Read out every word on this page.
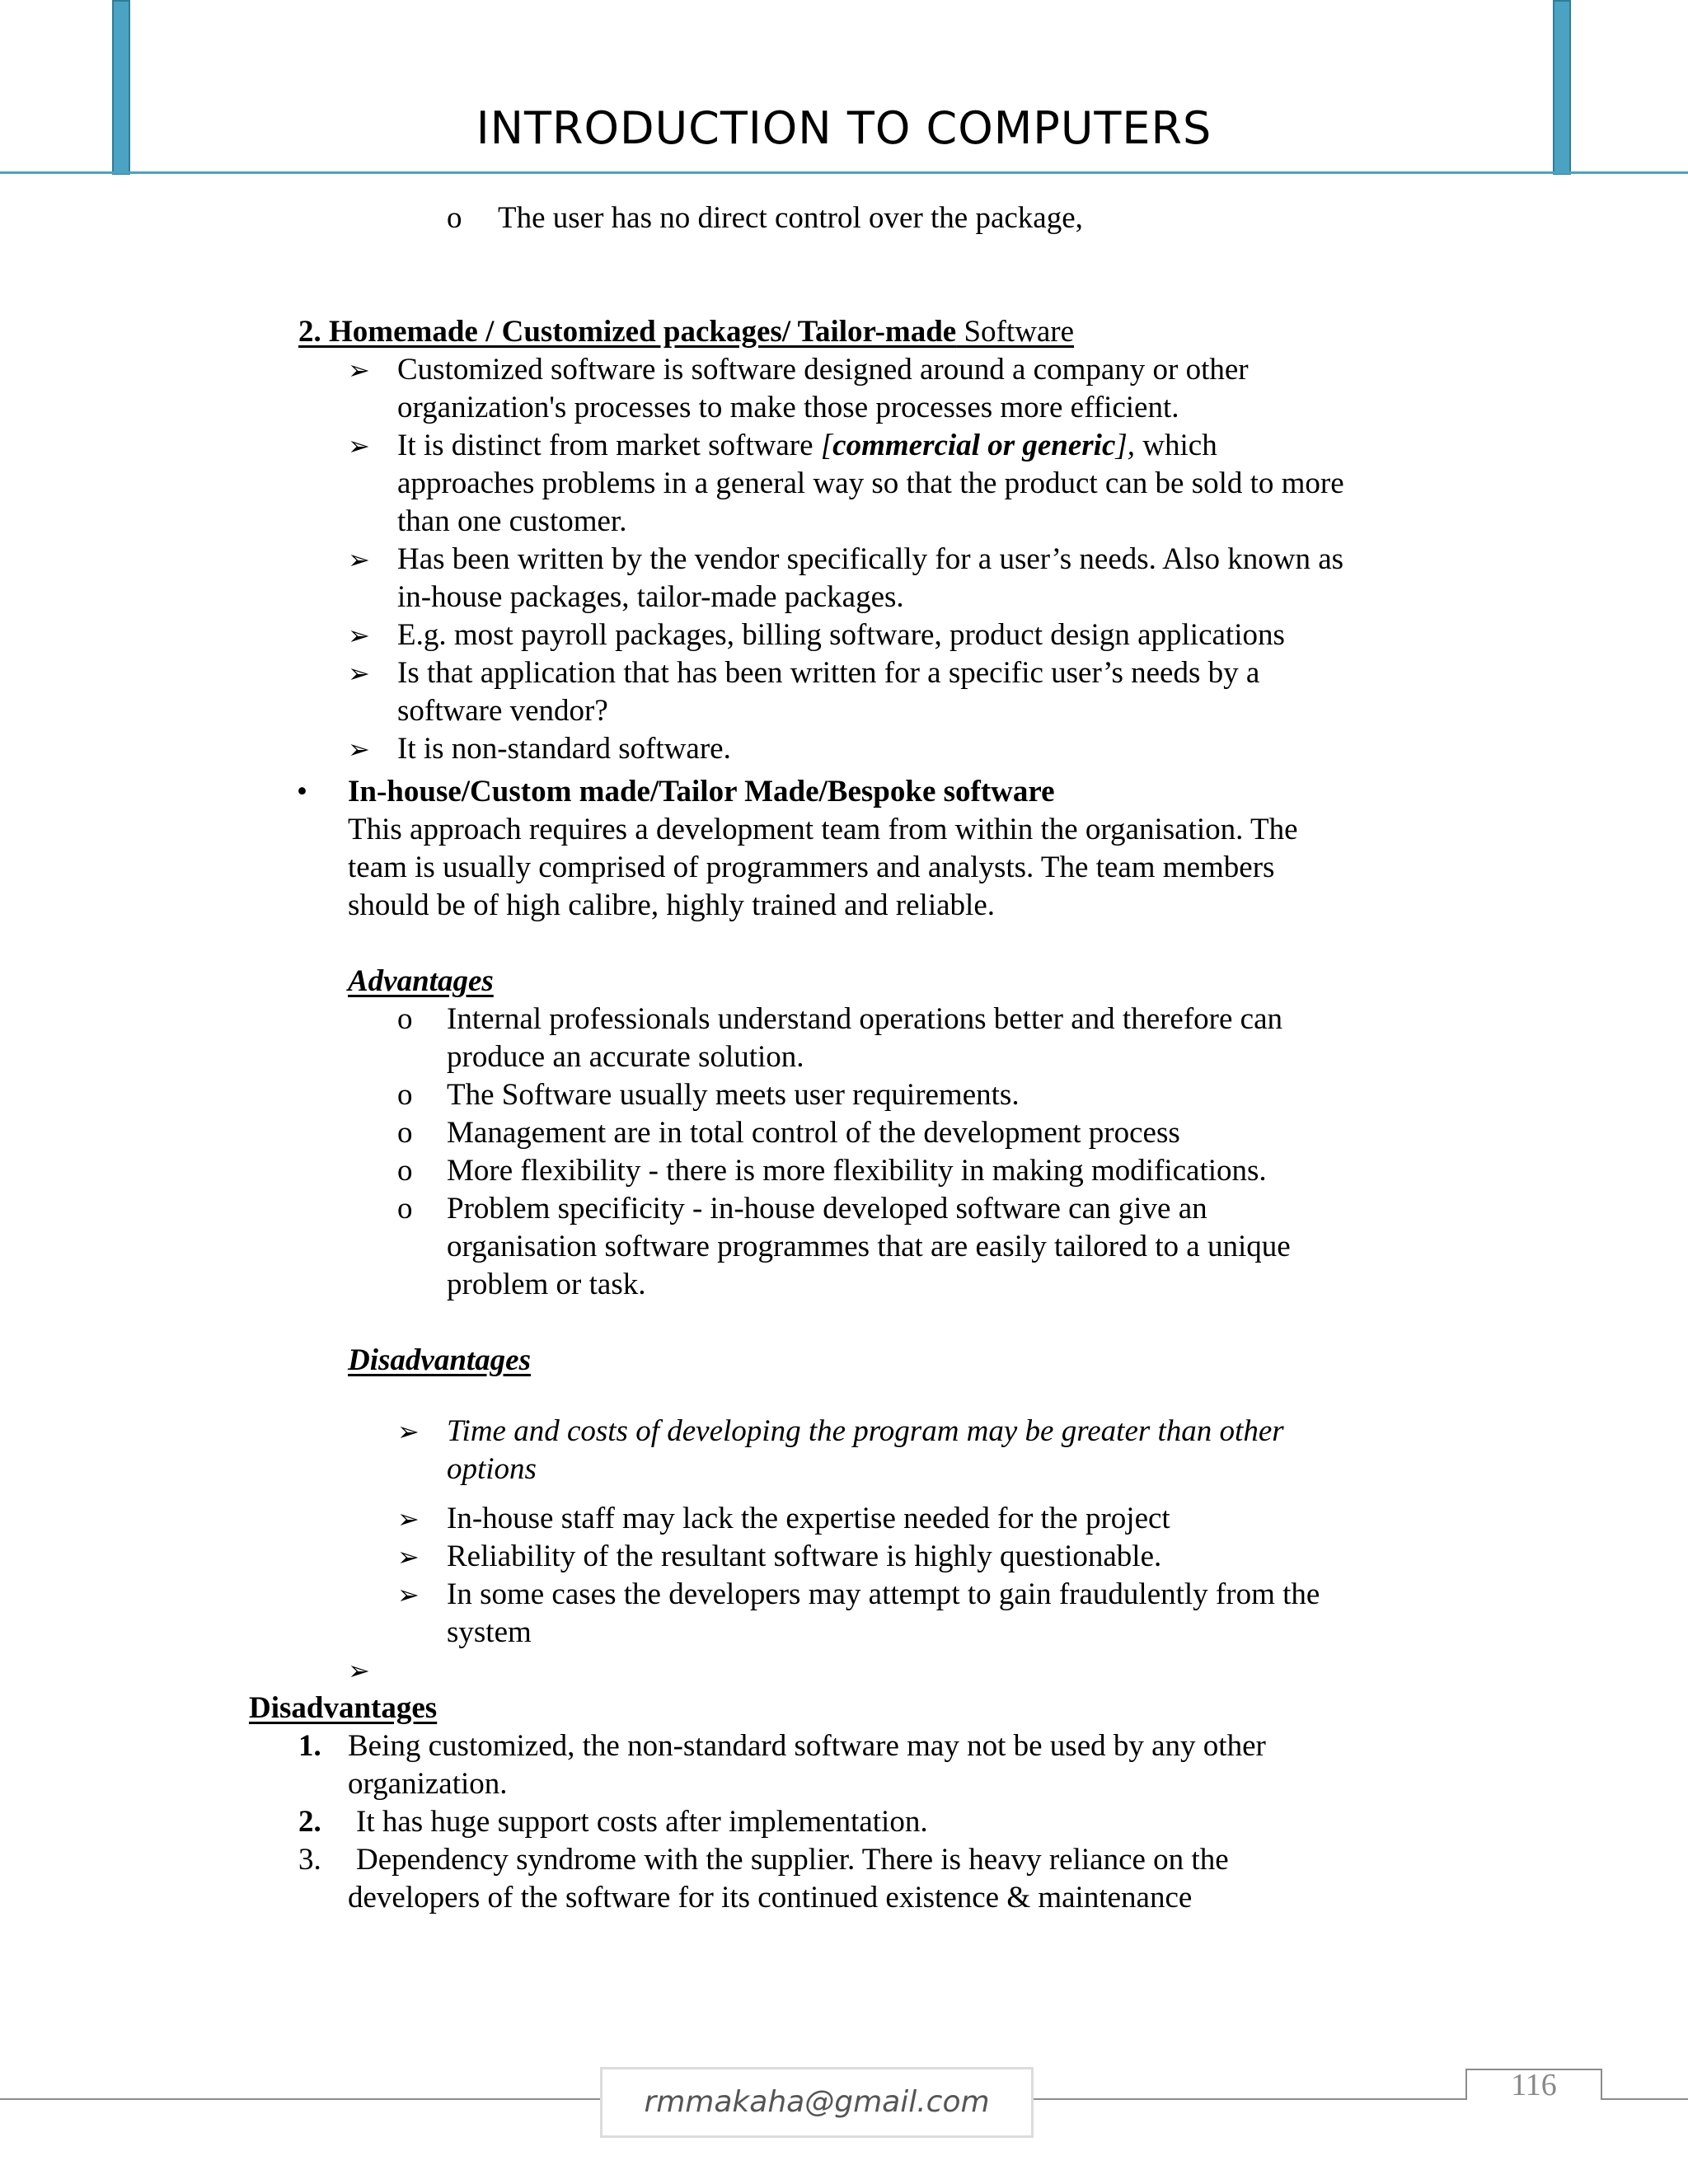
INTRODUCTION TO COMPUTERS
o The user has no direct control over the package,
2. Homemade / Customized packages/ Tailor-made Software
➢ Customized software is software designed around a company or other
organization's processes to make those processes more efficient.
➢ It is distinct from market software [commercial or generic], which
approaches problems in a general way so that the product can be sold to more
than one customer.
➢ Has been written by the vendor specifically for a user’s needs. Also known as
in-house packages, tailor-made packages.
➢ E.g. most payroll packages, billing software, product design applications
➢ Is that application that has been written for a specific user’s needs by a
software vendor?
➢ It is non-standard software.
• In-house/Custom made/Tailor Made/Bespoke software
This approach requires a development team from within the organisation. The
team is usually comprised of programmers and analysts. The team members
should be of high calibre, highly trained and reliable.
Advantages
o Internal professionals understand operations better and therefore can
produce an accurate solution.
o The Software usually meets user requirements.
o Management are in total control of the development process
o More flexibility - there is more flexibility in making modifications.
o Problem specificity - in-house developed software can give an
organisation software programmes that are easily tailored to a unique
problem or task.
Disadvantages
➢ Time and costs of developing the program may be greater than other
options
➢ In-house staff may lack the expertise needed for the project
➢ Reliability of the resultant software is highly questionable.
➢ In some cases the developers may attempt to gain fraudulently from the
system
➢
Disadvantages
1. Being customized, the non-standard software may not be used by any other
organization.
2. It has huge support costs after implementation.
3. Dependency syndrome with the supplier. There is heavy reliance on the
developers of the software for its continued existence & maintenance
rmmakaha@gmail.com	116
